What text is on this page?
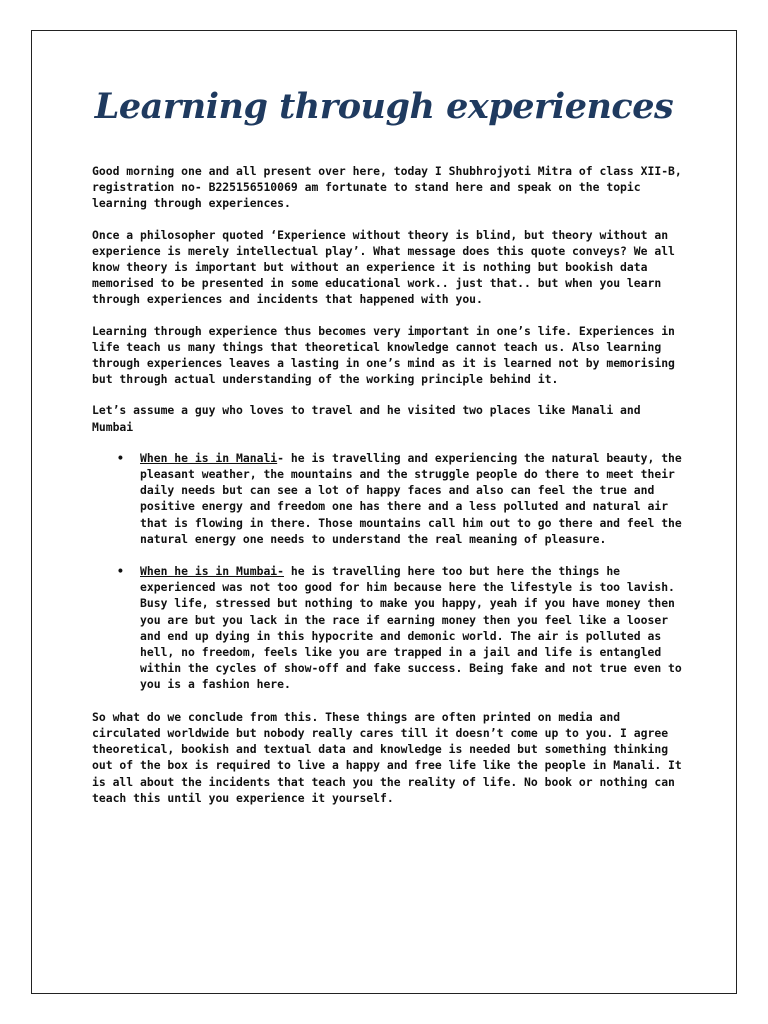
Learning through experiences

Good morning one and all present over here, today I Shubhrojyoti Mitra of class XII-B, registration no- B225156510069 am fortunate to stand here and speak on the topic learning through experiences.

Once a philosopher quoted ‘Experience without theory is blind, but theory without an experience is merely intellectual play’. What message does this quote conveys? We all know theory is important but without an experience it is nothing but bookish data memorised to be presented in some educational work.. just that.. but when you learn through experiences and incidents that happened with you.

Learning through experience thus becomes very important in one’s life. Experiences in life teach us many things that theoretical knowledge cannot teach us. Also learning through experiences leaves a lasting in one’s mind as it is learned not by memorising but through actual understanding of the working principle behind it.

Let’s assume a guy who loves to travel and he visited two places like Manali and Mumbai

• When he is in Manali- he is travelling and experiencing the natural beauty, the pleasant weather, the mountains and the struggle people do there to meet their daily needs but can see a lot of happy faces and also can feel the true and positive energy and freedom one has there and a less polluted and natural air that is flowing in there. Those mountains call him out to go there and feel the natural energy one needs to understand the real meaning of pleasure.
• When he is in Mumbai- he is travelling here too but here the things he experienced was not too good for him because here the lifestyle is too lavish. Busy life, stressed but nothing to make you happy, yeah if you have money then you are but you lack in the race if earning money then you feel like a looser and end up dying in this hypocrite and demonic world. The air is polluted as hell, no freedom, feels like you are trapped in a jail and life is entangled within the cycles of show-off and fake success. Being fake and not true even to you is a fashion here.

So what do we conclude from this. These things are often printed on media and circulated worldwide but nobody really cares till it doesn’t come up to you. I agree theoretical, bookish and textual data and knowledge is needed but something thinking out of the box is required to live a happy and free life like the people in Manali. It is all about the incidents that teach you the reality of life. No book or nothing can teach this until you experience it yourself.
